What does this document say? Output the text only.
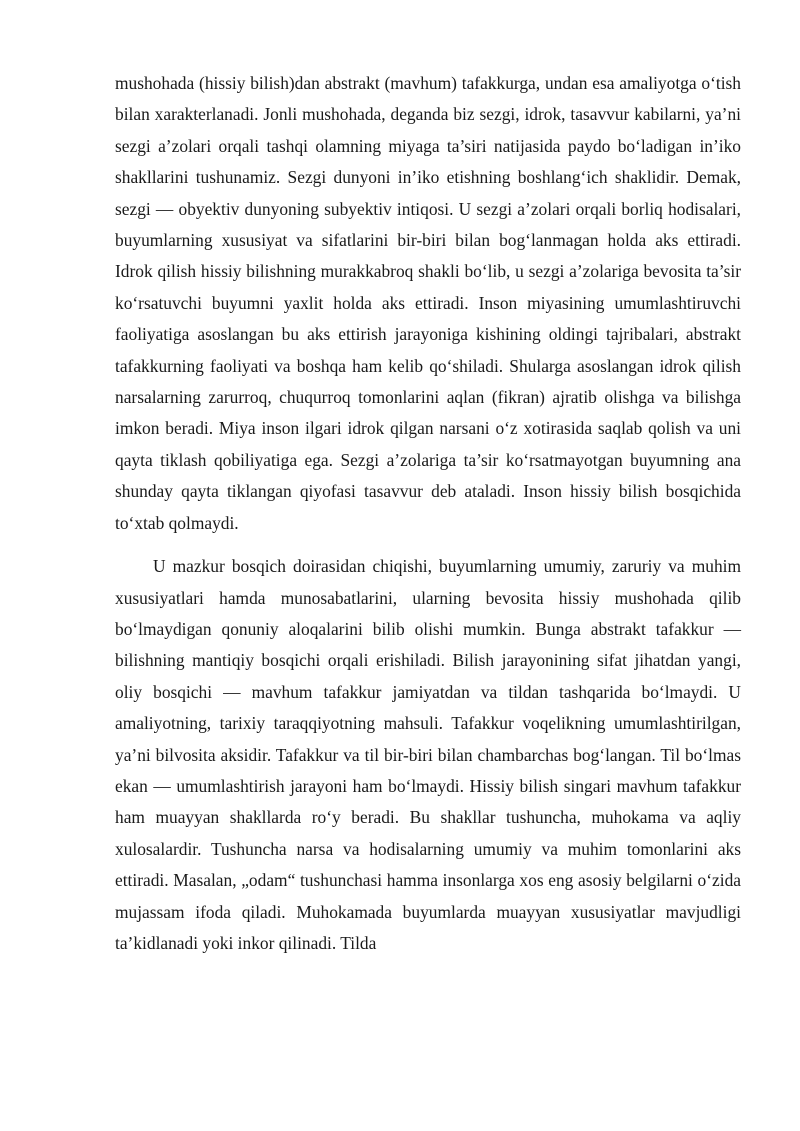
mushohada (hissiy bilish)dan abstrakt (mavhum) tafakkurga, undan esa amaliyotga o‘tish bilan xarakterlanadi. Jonli mushohada, deganda biz sezgi, idrok, tasavvur kabilarni, ya’ni sezgi a’zolari orqali tashqi olamning miyaga ta’siri natijasida paydo bo‘ladigan in’iko shakllarini tushunamiz. Sezgi dunyoni in’iko etishning boshlang‘ich shaklidir. Demak, sezgi — obyektiv dunyoning subyektiv intiqosi. U sezgi a’zolari orqali borliq hodisalari, buyumlarning xususiyat va sifatlarini bir-biri bilan bog‘lanmagan holda aks ettiradi. Idrok qilish hissiy bilishning murakkabroq shakli bo‘lib, u sezgi a’zolariga bevosita ta’sir ko‘rsatuvchi buyumni yaxlit holda aks ettiradi. Inson miyasining umumlashtiruvchi faoliyatiga asoslangan bu aks ettirish jarayoniga kishining oldingi tajribalari, abstrakt tafakkurning faoliyati va boshqa ham kelib qo‘shiladi. Shularga asoslangan idrok qilish narsalarning zarurroq, chuqurroq tomonlarini aqlan (fikran) ajratib olishga va bilishga imkon beradi. Miya inson ilgari idrok qilgan narsani o‘z xotirasida saqlab qolish va uni qayta tiklash qobiliyatiga ega. Sezgi a’zolariga ta’sir ko‘rsatmayotgan buyumning ana shunday qayta tiklangan qiyofasi tasavvur deb ataladi. Inson hissiy bilish bosqichida to‘xtab qolmaydi.

U mazkur bosqich doirasidan chiqishi, buyumlarning umumiy, zaruriy va muhim xususiyatlari hamda munosabatlarini, ularning bevosita hissiy mushohada qilib bo‘lmaydigan qonuniy aloqalarini bilib olishi mumkin. Bunga abstrakt tafakkur — bilishning mantiqiy bosqichi orqali erishiladi. Bilish jarayonining sifat jihatdan yangi, oliy bosqichi — mavhum tafakkur jamiyatdan va tildan tashqarida bo‘lmaydi. U amaliyotning, tarixiy taraqqiyotning mahsuli. Tafakkur voqelikning umumlashtirilgan, ya’ni bilvosita aksidir. Tafakkur va til bir-biri bilan chambarchas bog‘langan. Til bo‘lmas ekan — umumlashtirish jarayoni ham bo‘lmaydi. Hissiy bilish singari mavhum tafakkur ham muayyan shakllarda ro‘y beradi. Bu shakllar tushuncha, muhokama va aqliy xulosalardir. Tushuncha narsa va hodisalarning umumiy va muhim tomonlarini aks ettiradi. Masalan, „odam“ tushunchasi hamma insonlarga xos eng asosiy belgilarni o‘zida mujassam ifoda qiladi. Muhokamada buyumlarda muayyan xususiyatlar mavjudligi ta’kidlanadi yoki inkor qilinadi. Tilda
